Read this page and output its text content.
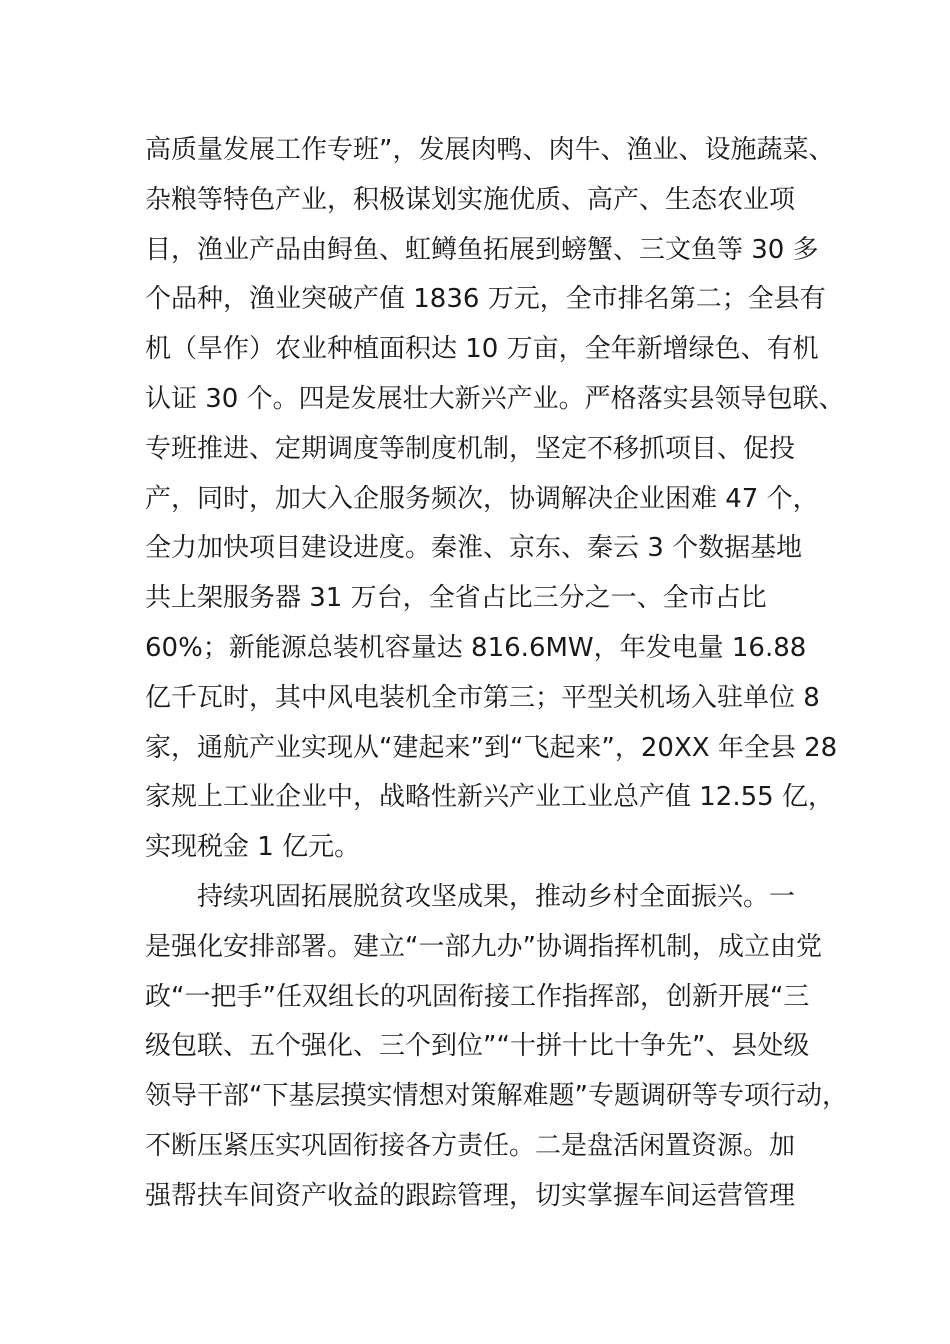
高质量发展工作专班”，发展肉鸭、肉牛、渔业、设施蔬菜、
杂粮等特色产业，积极谋划实施优质、高产、生态农业项
目，渔业产品由鲟鱼、虹鳟鱼拓展到螃蟹、三文鱼等 30 多
个品种，渔业突破产值 1836 万元，全市排名第二；全县有
机（旱作）农业种植面积达 10 万亩，全年新增绿色、有机
认证 30 个。四是发展壮大新兴产业。严格落实县领导包联、
专班推进、定期调度等制度机制，坚定不移抓项目、促投
产，同时，加大入企服务频次，协调解决企业困难 47 个，
全力加快项目建设进度。秦淮、京东、秦云 3 个数据基地
共上架服务器 31 万台，全省占比三分之一、全市占比
60%；新能源总装机容量达 816.6MW，年发电量 16.88
亿千瓦时，其中风电装机全市第三；平型关机场入驻单位 8
家，通航产业实现从“建起来”到“飞起来”，20XX 年全县 28
家规上工业企业中，战略性新兴产业工业总产值 12.55 亿，
实现税金 1 亿元。
持续巩固拓展脱贫攻坚成果，推动乡村全面振兴。一
是强化安排部署。建立“一部九办”协调指挥机制，成立由党
政“一把手”任双组长的巩固衔接工作指挥部，创新开展“三
级包联、五个强化、三个到位”“十拼十比十争先”、县处级
领导干部“下基层摸实情想对策解难题”专题调研等专项行动，
不断压紧压实巩固衔接各方责任。二是盘活闲置资源。加
强帮扶车间资产收益的跟踪管理，切实掌握车间运营管理
